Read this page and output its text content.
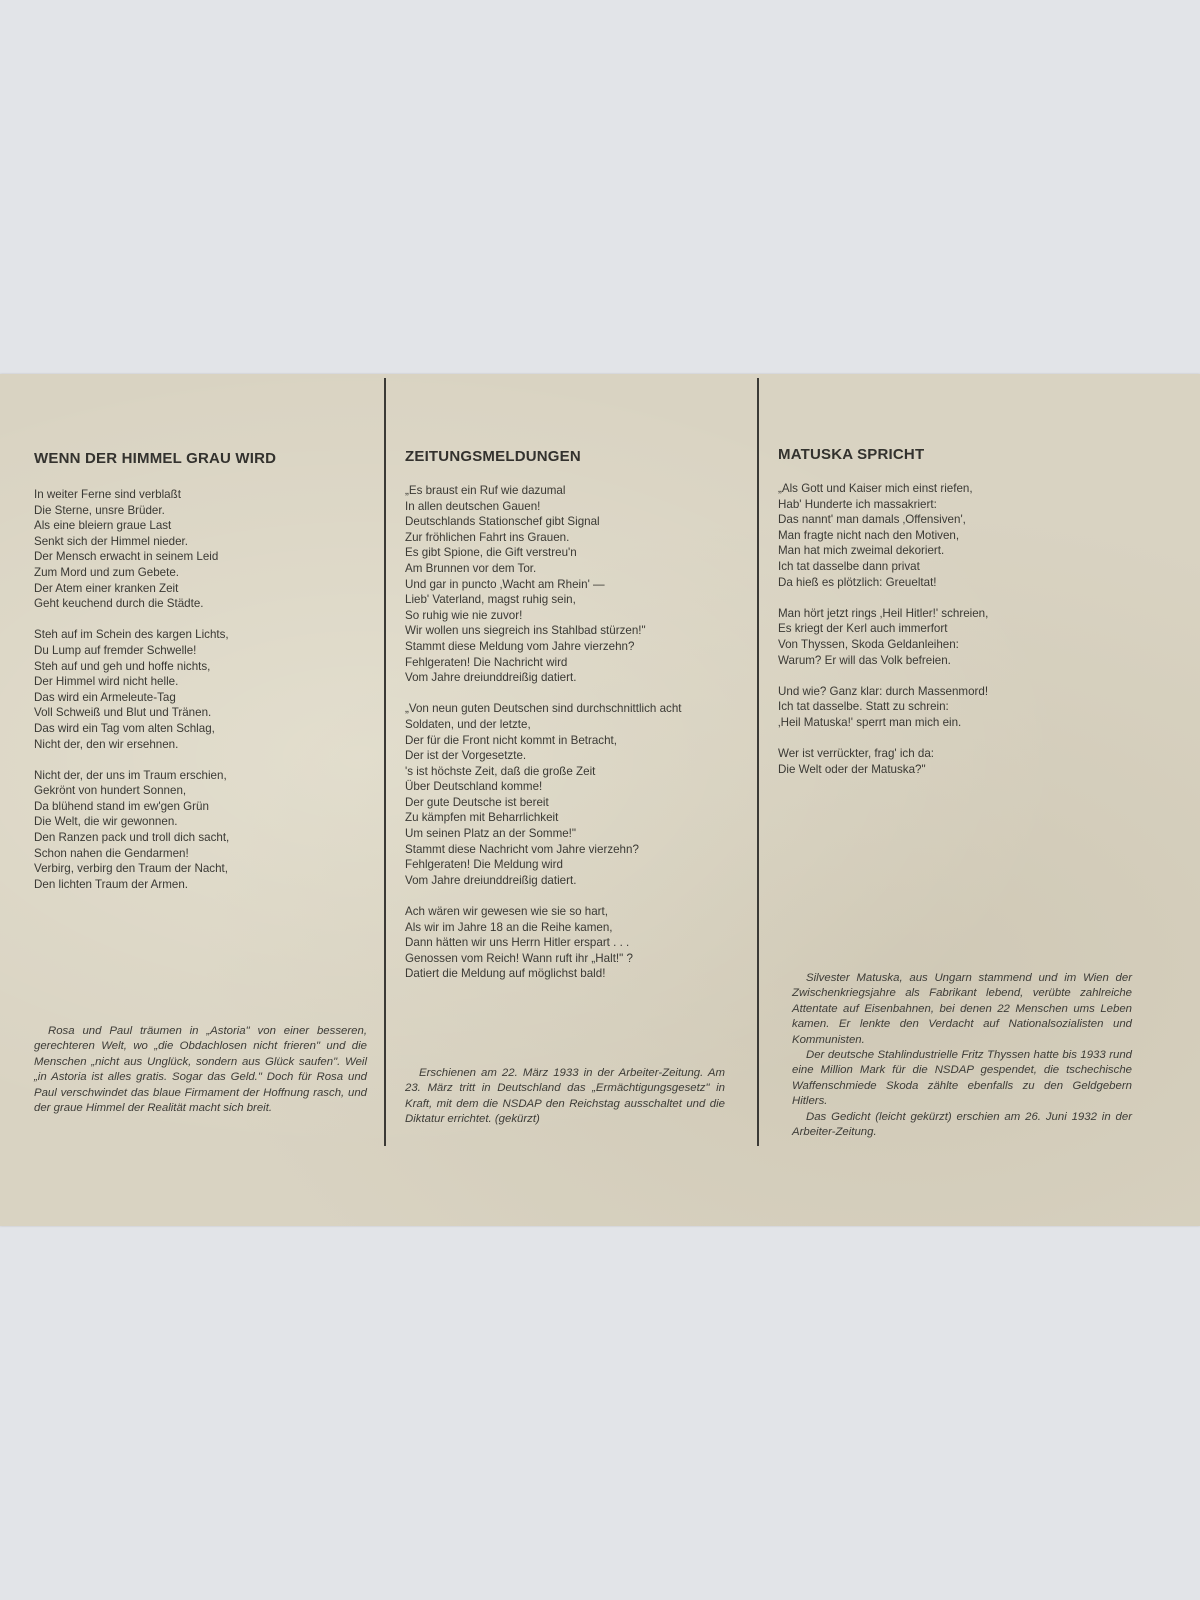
WENN DER HIMMEL GRAU WIRD
In weiter Ferne sind verblaßt
Die Sterne, unsre Brüder.
Als eine bleiern graue Last
Senkt sich der Himmel nieder.
Der Mensch erwacht in seinem Leid
Zum Mord und zum Gebete.
Der Atem einer kranken Zeit
Geht keuchend durch die Städte.
Steh auf im Schein des kargen Lichts,
Du Lump auf fremder Schwelle!
Steh auf und geh und hoffe nichts,
Der Himmel wird nicht helle.
Das wird ein Armeleute-Tag
Voll Schweiß und Blut und Tränen.
Das wird ein Tag vom alten Schlag,
Nicht der, den wir ersehnen.
Nicht der, der uns im Traum erschien,
Gekrönt von hundert Sonnen,
Da blühend stand im ew'gen Grün
Die Welt, die wir gewonnen.
Den Ranzen pack und troll dich sacht,
Schon nahen die Gendarmen!
Verbirg, verbirg den Traum der Nacht,
Den lichten Traum der Armen.

Rosa und Paul träumen in „Astoria" von einer besseren, gerechteren Welt, wo „die Obdachlosen nicht frieren" und die Menschen „nicht aus Unglück, sondern aus Glück saufen". Weil „in Astoria ist alles gratis. Sogar das Geld." Doch für Rosa und Paul verschwindet das blaue Firmament der Hoffnung rasch, und der graue Himmel der Realität macht sich breit.

ZEITUNGSMELDUNGEN
„Es braust ein Ruf wie dazumal
In allen deutschen Gauen!
Deutschlands Stationschef gibt Signal
Zur fröhlichen Fahrt ins Grauen.
Es gibt Spione, die Gift verstreu'n
Am Brunnen vor dem Tor.
Und gar in puncto ‚Wacht am Rhein' —
Lieb' Vaterland, magst ruhig sein,
So ruhig wie nie zuvor!
Wir wollen uns siegreich ins Stahlbad stürzen!"
Stammt diese Meldung vom Jahre vierzehn?
Fehlgeraten! Die Nachricht wird
Vom Jahre dreiunddreißig datiert.
„Von neun guten Deutschen sind durchschnittlich acht
Soldaten, und der letzte,
Der für die Front nicht kommt in Betracht,
Der ist der Vorgesetzte.
's ist höchste Zeit, daß die große Zeit
Über Deutschland komme!
Der gute Deutsche ist bereit
Zu kämpfen mit Beharrlichkeit
Um seinen Platz an der Somme!"
Stammt diese Nachricht vom Jahre vierzehn?
Fehlgeraten! Die Meldung wird
Vom Jahre dreiunddreißig datiert.
Ach wären wir gewesen wie sie so hart,
Als wir im Jahre 18 an die Reihe kamen,
Dann hätten wir uns Herrn Hitler erspart . . .
Genossen vom Reich! Wann ruft ihr „Halt!" ?
Datiert die Meldung auf möglichst bald!

Erschienen am 22. März 1933 in der Arbeiter-Zeitung. Am 23. März tritt in Deutschland das „Ermächtigungsgesetz" in Kraft, mit dem die NSDAP den Reichstag ausschaltet und die Diktatur errichtet. (gekürzt)

MATUSKA SPRICHT
„Als Gott und Kaiser mich einst riefen,
Hab' Hunderte ich massakriert:
Das nannt' man damals ‚Offensiven',
Man fragte nicht nach den Motiven,
Man hat mich zweimal dekoriert.
Ich tat dasselbe dann privat
Da hieß es plötzlich: Greueltat!
Man hört jetzt rings ‚Heil Hitler!' schreien,
Es kriegt der Kerl auch immerfort
Von Thyssen, Skoda Geldanleihen:
Warum? Er will das Volk befreien.
Und wie? Ganz klar: durch Massenmord!
Ich tat dasselbe. Statt zu schrein:
‚Heil Matuska!' sperrt man mich ein.
Wer ist verrückter, frag' ich da:
Die Welt oder der Matuska?"

Silvester Matuska, aus Ungarn stammend und im Wien der Zwischenkriegsjahre als Fabrikant lebend, verübte zahlreiche Attentate auf Eisenbahnen, bei denen 22 Menschen ums Leben kamen. Er lenkte den Verdacht auf Nationalsozialisten und Kommunisten.

Der deutsche Stahlindustrielle Fritz Thyssen hatte bis 1933 rund eine Million Mark für die NSDAP gespendet, die tschechische Waffenschmiede Skoda zählte ebenfalls zu den Geldgebern Hitlers.

Das Gedicht (leicht gekürzt) erschien am 26. Juni 1932 in der Arbeiter-Zeitung.
